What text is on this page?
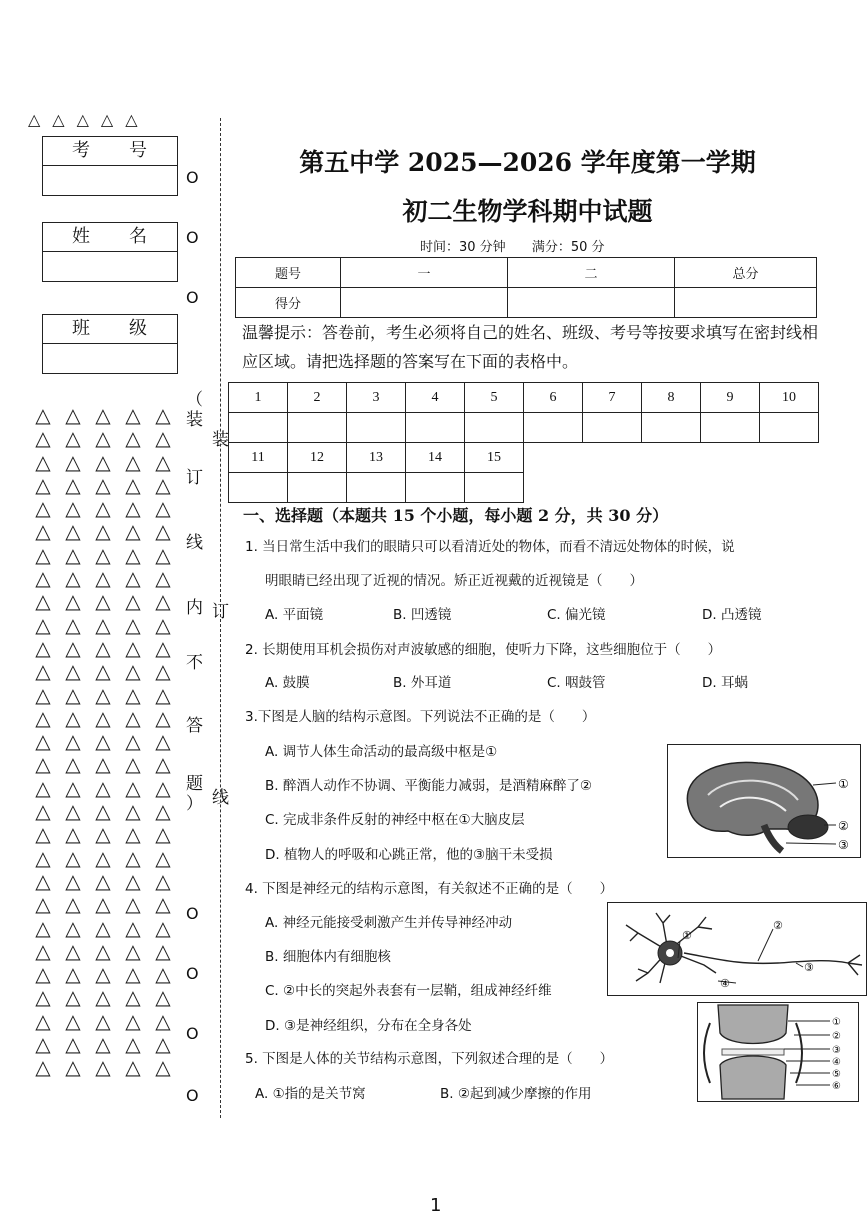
△△△△△
考　　号
姓　　名
班　　级
O
O
O
O
O
O
O
△ △ △ △ △
△ △ △ △ △
△ △ △ △ △
△ △ △ △ △
△ △ △ △ △
△ △ △ △ △
△ △ △ △ △
△ △ △ △ △
△ △ △ △ △
△ △ △ △ △
△ △ △ △ △
△ △ △ △ △
△ △ △ △ △
△ △ △ △ △
△ △ △ △ △
△ △ △ △ △
△ △ △ △ △
△ △ △ △ △
△ △ △ △ △
△ △ △ △ △
△ △ △ △ △
△ △ △ △ △
△ △ △ △ △
△ △ △ △ △
△ △ △ △ △
△ △ △ △ △
△ △ △ △ △
△ △ △ △ △
△ △ △ △ △
（
装
订
线
内
不
答
题
）
装
订
线
第五中学 2025—2026 学年度第一学期
初二生物学科期中试题
时间：30 分钟 满分：50 分
题号	一	二	总分
得分			
温馨提示：答卷前，考生必须将自己的姓名、班级、考号等按要求填写在密封线相应区域。请把选择题的答案写在下面的表格中。
1	2	3	4	5	6	7	8	9	10

11	12	13	14	15					

一、选择题（本题共 15 个小题，每小题 2 分，共 30 分）
1. 当日常生活中我们的眼睛只可以看清近处的物体，而看不清远处物体的时候，说
明眼睛已经出现了近视的情况。矫正近视戴的近视镜是（　　）
A. 平面镜	B. 凹透镜	C. 偏光镜	D. 凸透镜
2. 长期使用耳机会损伤对声波敏感的细胞，使听力下降，这些细胞位于（　　）
A. 鼓膜	B. 外耳道	C. 咽鼓管	D. 耳蜗
3.下图是人脑的结构示意图。下列说法不正确的是（　　）
A. 调节人体生命活动的最高级中枢是①
B. 醉酒人动作不协调、平衡能力减弱，是酒精麻醉了②
C. 完成非条件反射的神经中枢在①大脑皮层
D. 植物人的呼吸和心跳正常，他的③脑干未受损
①
②
③
4. 下图是神经元的结构示意图，有关叙述不正确的是（　　）
A. 神经元能接受刺激产生并传导神经冲动
B. 细胞体内有细胞核
C. ②中长的突起外表套有一层鞘，组成神经纤维
D. ③是神经组织，分布在全身各处
①
②
③
④
5. 下图是人体的关节结构示意图，下列叙述合理的是（　　）
A. ①指的是关节窝	B. ②起到减少摩擦的作用
①
②
③
④
⑤
⑥
1
